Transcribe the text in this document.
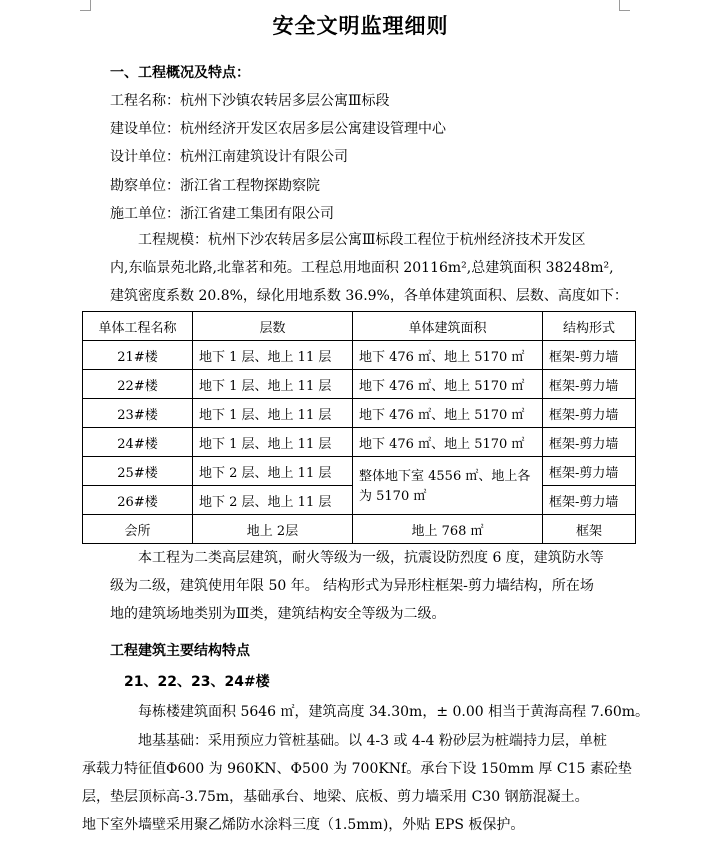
安全文明监理细则
一、工程概况及特点：
工程名称：杭州下沙镇农转居多层公寓Ⅲ标段
建设单位：杭州经济开发区农居多层公寓建设管理中心
设计单位：杭州江南建筑设计有限公司
勘察单位：浙江省工程物探勘察院
施工单位：浙江省建工集团有限公司
工程规模：杭州下沙农转居多层公寓Ⅲ标段工程位于杭州经济技术开发区
内,东临景苑北路,北靠茗和苑。工程总用地面积 20116m²,总建筑面积 38248m²,
建筑密度系数 20.8%，绿化用地系数 36.9%，各单体建筑面积、层数、高度如下：
单体工程名称	层数	单体建筑面积	结构形式
21#楼	地下 1 层、地上 11 层	地下 476 ㎡、地上 5170 ㎡	框架-剪力墙
22#楼	地下 1 层、地上 11 层	地下 476 ㎡、地上 5170 ㎡	框架-剪力墙
23#楼	地下 1 层、地上 11 层	地下 476 ㎡、地上 5170 ㎡	框架-剪力墙
24#楼	地下 1 层、地上 11 层	地下 476 ㎡、地上 5170 ㎡	框架-剪力墙
25#楼	地下 2 层、地上 11 层	整体地下室 4556 ㎡、地上各为 5170 ㎡	框架-剪力墙
26#楼	地下 2 层、地上 11 层		框架-剪力墙
会所	地上 2层	地上 768 ㎡	框架
本工程为二类高层建筑，耐火等级为一级，抗震设防烈度 6 度，建筑防水等
级为二级，建筑使用年限 50 年。 结构形式为异形柱框架-剪力墙结构，所在场
地的建筑场地类别为Ⅲ类，建筑结构安全等级为二级。
工程建筑主要结构特点
21、22、23、24#楼
每栋楼建筑面积 5646 ㎡，建筑高度 34.30m，± 0.00 相当于黄海高程 7.60m。
地基基础：采用预应力管桩基础。以 4-3 或 4-4 粉砂层为桩端持力层，单桩
承载力特征值Φ600 为 960KN、Φ500 为 700KNf。承台下设 150mm 厚 C15 素砼垫
层，垫层顶标高-3.75m，基础承台、地梁、底板、剪力墙采用 C30 钢筋混凝土。
地下室外墙壁采用聚乙烯防水涂料三度（1.5mm)，外贴 EPS 板保护。
